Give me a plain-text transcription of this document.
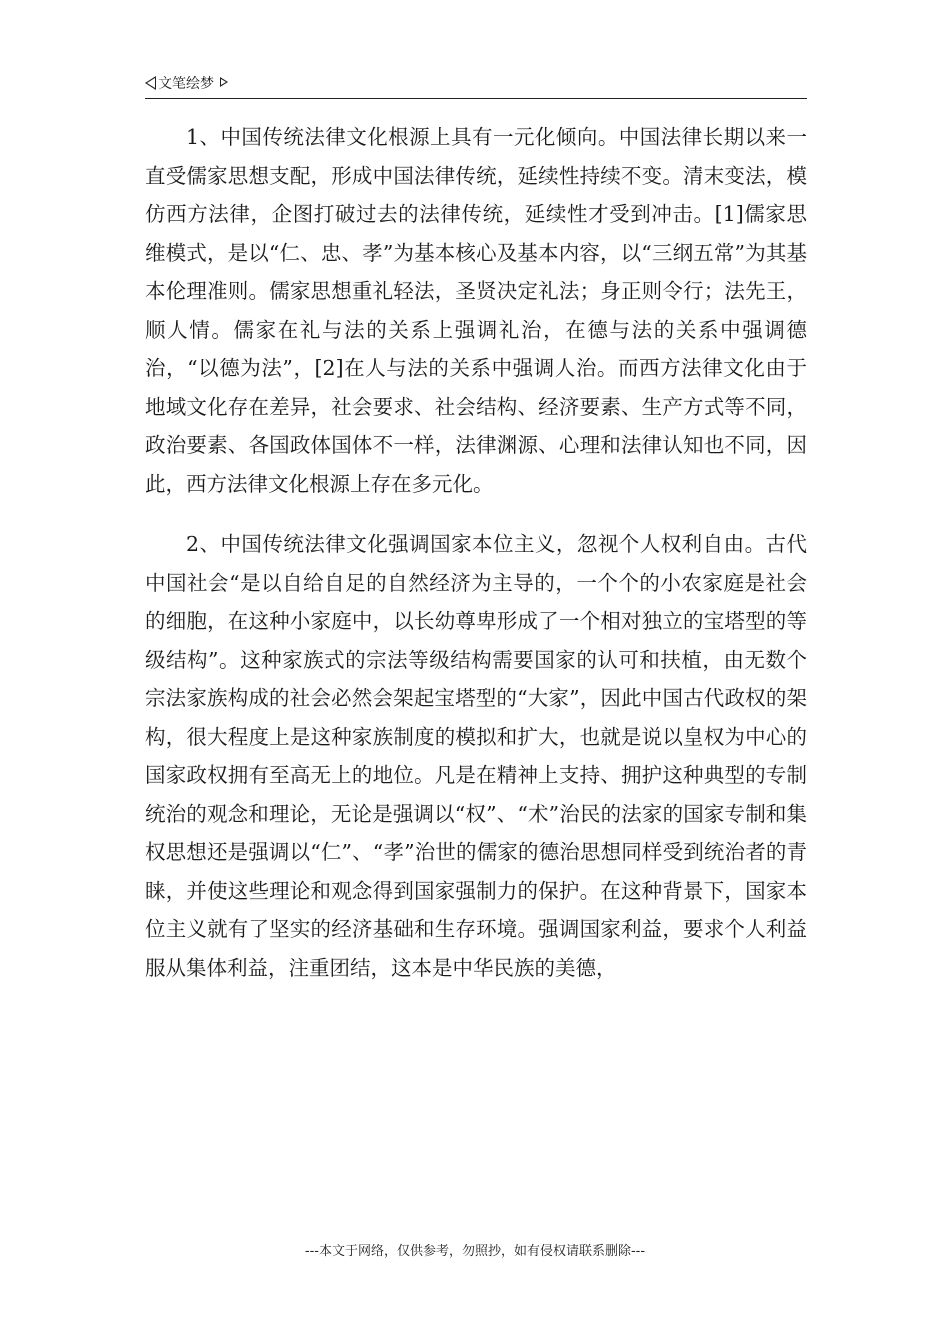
文笔绘梦

1、中国传统法律文化根源上具有一元化倾向。中国法律长期以来一直受儒家思想支配，形成中国法律传统，延续性持续不变。清末变法，模仿西方法律，企图打破过去的法律传统，延续性才受到冲击。[1]儒家思维模式，是以“仁、忠、孝”为基本核心及基本内容，以“三纲五常”为其基本伦理准则。儒家思想重礼轻法，圣贤决定礼法；身正则令行；法先王，顺人情。儒家在礼与法的关系上强调礼治，在德与法的关系中强调德治，“以德为法”，[2]在人与法的关系中强调人治。而西方法律文化由于地域文化存在差异，社会要求、社会结构、经济要素、生产方式等不同，政治要素、各国政体国体不一样，法律渊源、心理和法律认知也不同，因此，西方法律文化根源上存在多元化。

2、中国传统法律文化强调国家本位主义，忽视个人权利自由。古代中国社会“是以自给自足的自然经济为主导的，一个个的小农家庭是社会的细胞，在这种小家庭中，以长幼尊卑形成了一个相对独立的宝塔型的等级结构”。这种家族式的宗法等级结构需要国家的认可和扶植，由无数个宗法家族构成的社会必然会架起宝塔型的“大家”，因此中国古代政权的架构，很大程度上是这种家族制度的模拟和扩大，也就是说以皇权为中心的国家政权拥有至高无上的地位。凡是在精神上支持、拥护这种典型的专制统治的观念和理论，无论是强调以“权”、“术”治民的法家的国家专制和集权思想还是强调以“仁”、“孝”治世的儒家的德治思想同样受到统治者的青睐，并使这些理论和观念得到国家强制力的保护。在这种背景下，国家本位主义就有了坚实的经济基础和生存环境。强调国家利益，要求个人利益服从集体利益，注重团结，这本是中华民族的美德，

---本文于网络，仅供参考，勿照抄，如有侵权请联系删除---
